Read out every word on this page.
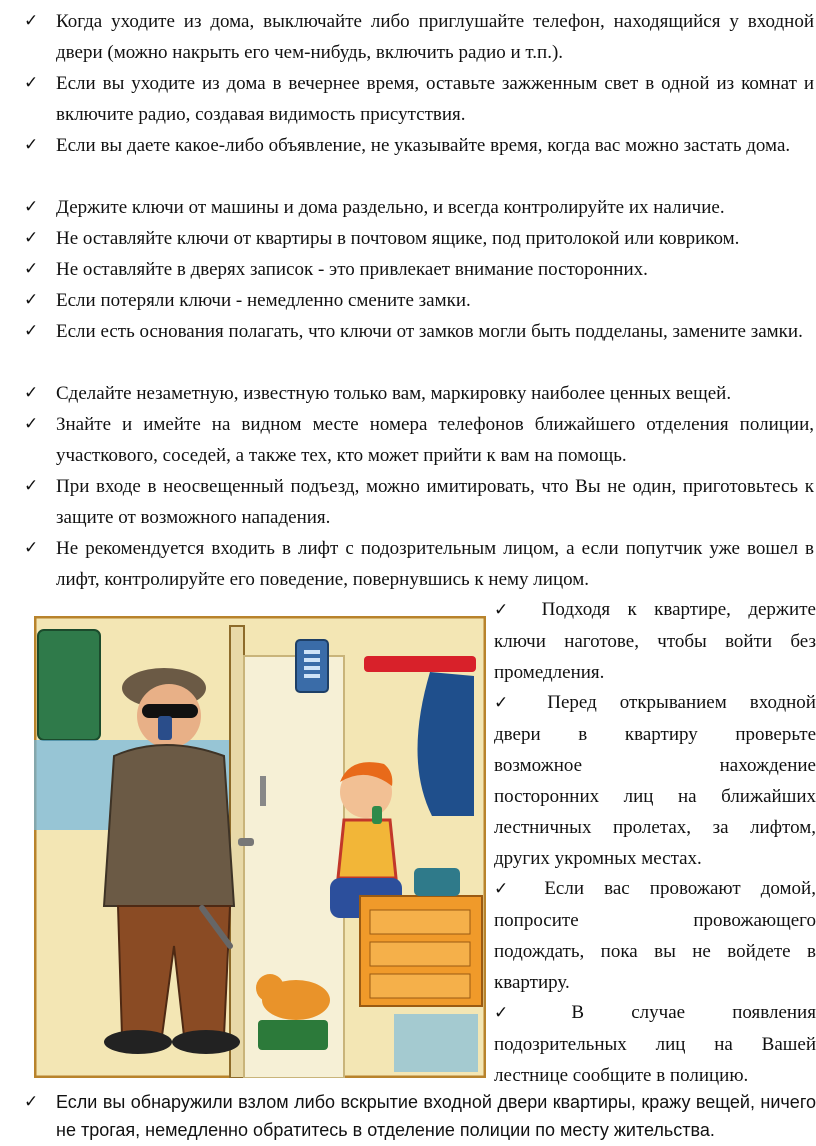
✓ Когда уходите из дома, выключайте либо приглушайте телефон, находящийся у входной двери (можно накрыть его чем-нибудь, включить радио и т.п.).
✓ Если вы уходите из дома в вечернее время, оставьте зажженным свет в одной из комнат и включите радио, создавая видимость присутствия.
✓ Если вы даете какое-либо объявление, не указывайте время, когда вас можно застать дома.
✓ Держите ключи от машины и дома раздельно, и всегда контролируйте их наличие.
✓ Не оставляйте ключи от квартиры в почтовом ящике, под притолокой или ковриком.
✓ Не оставляйте в дверях записок - это привлекает внимание посторонних.
✓ Если потеряли ключи - немедленно смените замки.
✓ Если есть основания полагать, что ключи от замков могли быть подделаны, замените замки.
✓ Сделайте незаметную, известную только вам, маркировку наиболее ценных вещей.
✓ Знайте и имейте на видном месте номера телефонов ближайшего отделения полиции, участкового, соседей, а также тех, кто может прийти к вам на помощь.
✓ При входе в неосвещенный подъезд, можно имитировать, что Вы не один, приготовьтесь к защите от возможного нападения.
✓ Не рекомендуется входить в лифт с подозрительным лицом, а если попутчик уже вошел в лифт, контролируйте его поведение, повернувшись к нему лицом.
✓	Подходя к квартире, держите
ключи наготове, чтобы войти без
промедления.
✓	Перед открыванием входной
двери в квартиру проверьте
возможное	нахождение
посторонних лиц на ближайших
лестничных пролетах, за лифтом,
других укромных местах.
✓	Если вас провожают домой,
попросите	провожающего
подождать, пока вы не войдете в
квартиру.
✓	В случае появления
подозрительных лиц на Вашей
лестнице сообщите в полицию.
✓ Если вы обнаружили взлом либо вскрытие входной двери квартиры, кражу вещей, ничего не трогая, немедленно обратитесь в отделение полиции по месту жительства.
